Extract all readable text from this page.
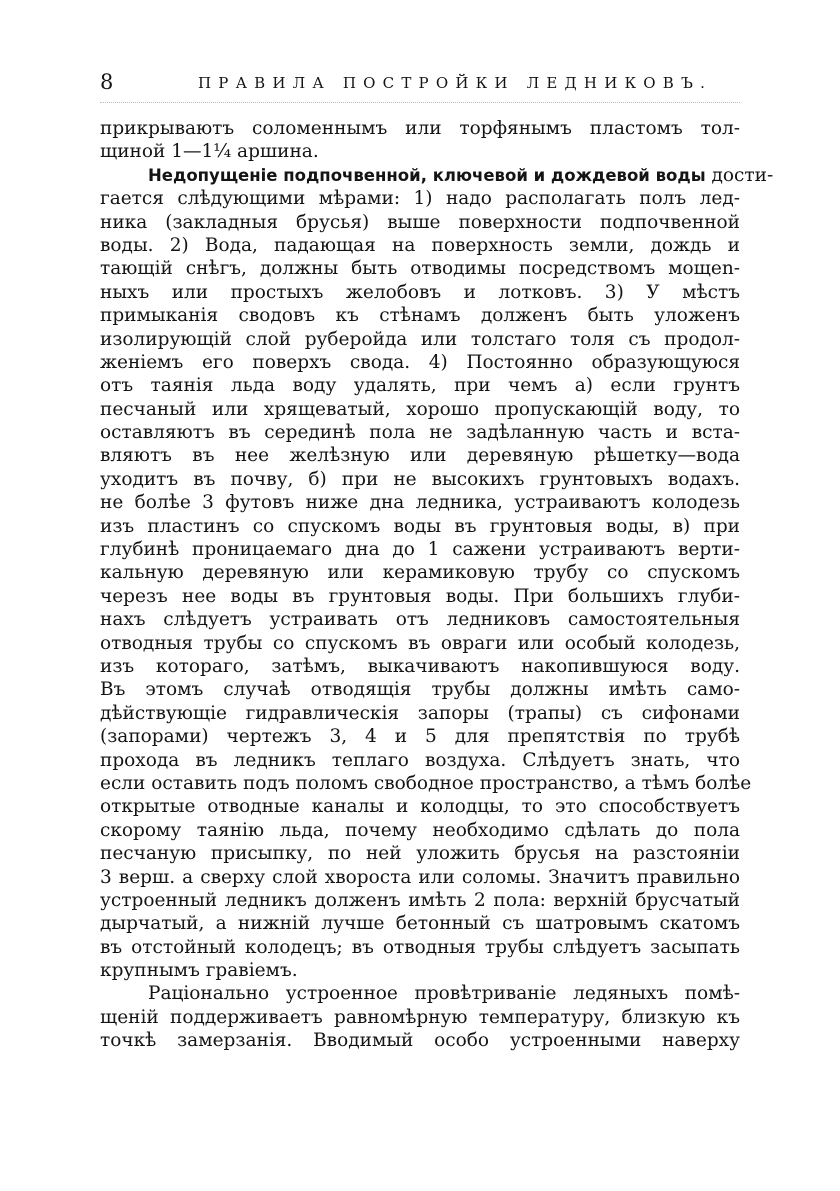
8	ПРАВИЛА ПОСТРОЙКИ ЛЕДНИКОВЪ.
прикрываютъ соломеннымъ или торфянымъ пластомъ тол-
щиной 1—1¼ аршина.
Недопущеніе подпочвенной, ключевой и дождевой воды дости-
гается слѣдующими мѣрами: 1) надо располагать полъ лед-
ника (закладныя брусья) выше поверхности подпочвенной
воды. 2) Вода, падающая на поверхность земли, дождь и
тающій снѣгъ, должны быть отводимы посредствомъ мощеn-
ныхъ или простыхъ желобовъ и лотковъ. 3) У мѣстъ
примыканія сводовъ къ стѣнамъ долженъ быть уложенъ
изолирующій слой руберойда или толстаго толя съ продол-
женіемъ его поверхъ свода. 4) Постоянно образующуюся
отъ таянія льда воду удалять, при чемъ а) если грунтъ
песчаный или хрящеватый, хорошо пропускающій воду, то
оставляютъ въ серединѣ пола не задѣланную часть и вста-
вляютъ въ нее желѣзную или деревяную рѣшетку—вода
уходитъ въ почву, б) при не высокихъ грунтовыхъ водахъ.
не болѣе 3 футовъ ниже дна ледника, устраиваютъ колодезь
изъ пластинъ со спускомъ воды въ грунтовыя воды, в) при
глубинѣ проницаемаго дна до 1 сажени устраиваютъ верти-
кальную деревяную или керамиковую трубу со спускомъ
черезъ нее воды въ грунтовыя воды. При большихъ глуби-
нахъ слѣдуетъ устраивать отъ ледниковъ самостоятельныя
отводныя трубы со спускомъ въ овраги или особый колодезь,
изъ котораго, затѣмъ, выкачиваютъ накопившуюся воду.
Въ этомъ случаѣ отводящія трубы должны имѣть само-
дѣйствующіе гидравлическія запоры (трапы) съ сифонами
(запорами) чертежъ 3, 4 и 5 для препятствія по трубѣ
прохода въ ледникъ теплаго воздуха. Слѣдуетъ знать, что
если оставить подъ поломъ свободное пространство, а тѣмъ болѣе
открытые отводные каналы и колодцы, то это способствуетъ
скорому таянію льда, почему необходимо сдѣлать до пола
песчаную присыпку, по ней уложить брусья на разстояніи
3 верш. а сверху слой хвороста или соломы. Значитъ правильно
устроенный ледникъ долженъ имѣть 2 пола: верхній брусчатый
дырчатый, а нижній лучше бетонный съ шатровымъ скатомъ
въ отстойный колодецъ; въ отводныя трубы слѣдуетъ засыпать
крупнымъ гравіемъ.
Раціонально устроенное провѣтриваніе ледяныхъ помѣ-
щеній поддерживаетъ равномѣрную температуру, близкую къ
точкѣ замерзанія. Вводимый особо устроенными наверху
